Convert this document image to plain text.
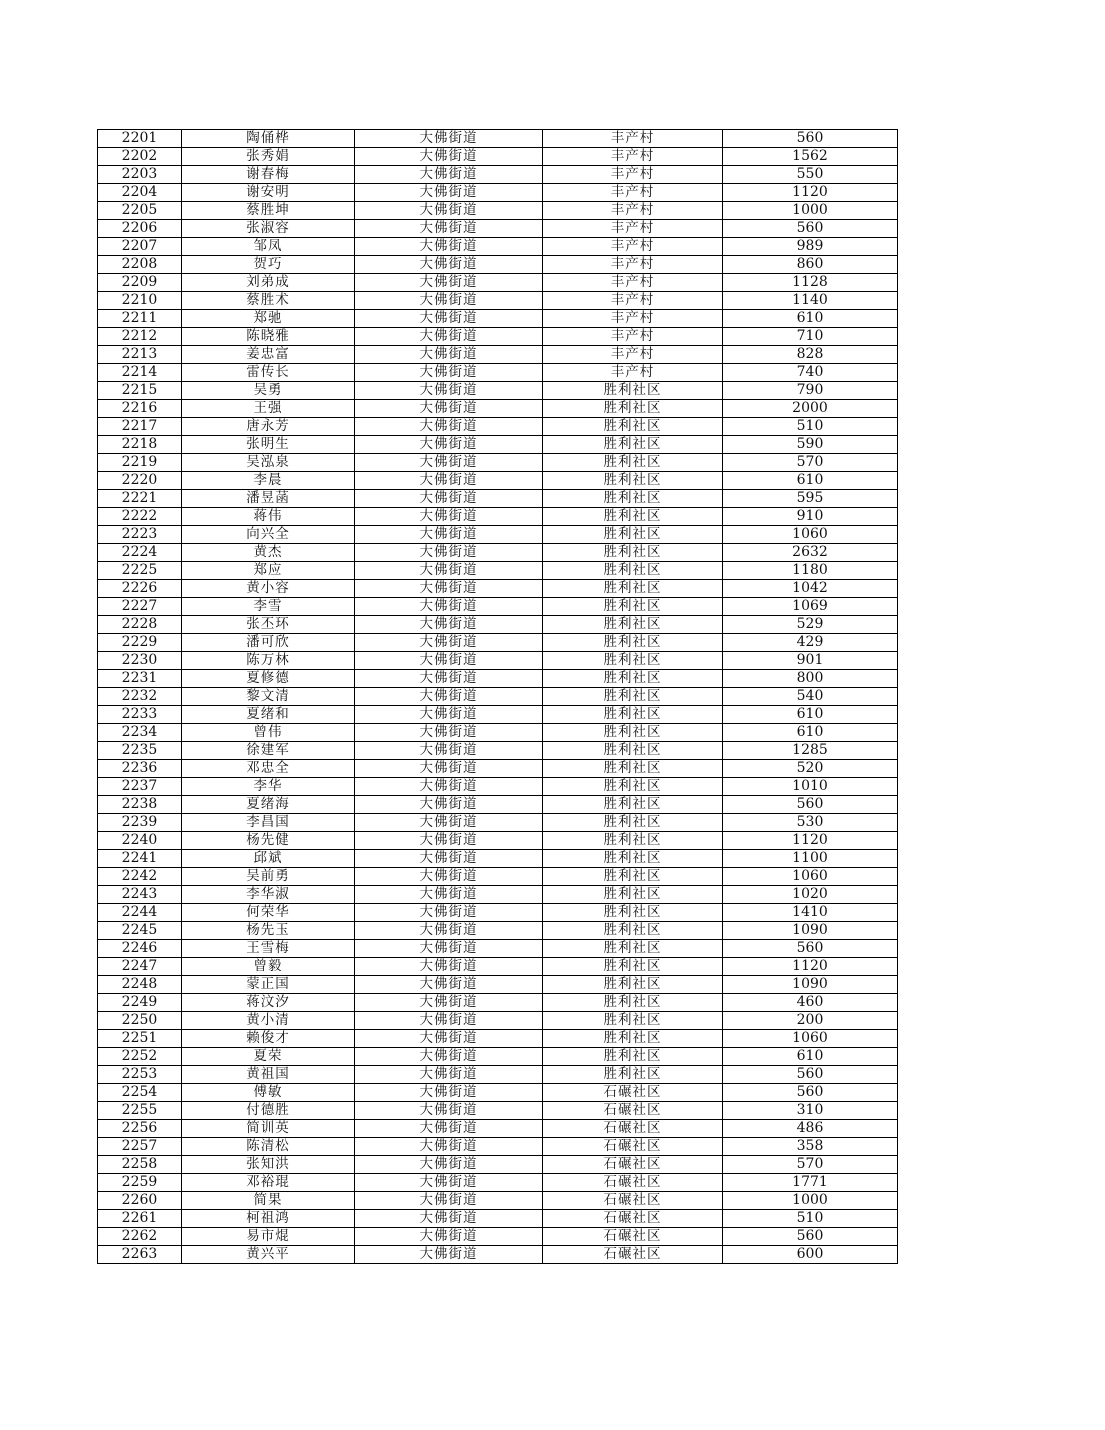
2201	陶俑桦	大佛街道	丰产村	560
2202	张秀娟	大佛街道	丰产村	1562
2203	谢春梅	大佛街道	丰产村	550
2204	谢安明	大佛街道	丰产村	1120
2205	蔡胜坤	大佛街道	丰产村	1000
2206	张淑容	大佛街道	丰产村	560
2207	邹凤	大佛街道	丰产村	989
2208	贺巧	大佛街道	丰产村	860
2209	刘弟成	大佛街道	丰产村	1128
2210	蔡胜术	大佛街道	丰产村	1140
2211	郑驰	大佛街道	丰产村	610
2212	陈晓雅	大佛街道	丰产村	710
2213	姜忠富	大佛街道	丰产村	828
2214	雷传长	大佛街道	丰产村	740
2215	吴勇	大佛街道	胜利社区	790
2216	王强	大佛街道	胜利社区	2000
2217	唐永芳	大佛街道	胜利社区	510
2218	张明生	大佛街道	胜利社区	590
2219	吴泓泉	大佛街道	胜利社区	570
2220	李晨	大佛街道	胜利社区	610
2221	潘昱菡	大佛街道	胜利社区	595
2222	蒋伟	大佛街道	胜利社区	910
2223	向兴全	大佛街道	胜利社区	1060
2224	黄杰	大佛街道	胜利社区	2632
2225	郑应	大佛街道	胜利社区	1180
2226	黄小容	大佛街道	胜利社区	1042
2227	李雪	大佛街道	胜利社区	1069
2228	张丕环	大佛街道	胜利社区	529
2229	潘可欣	大佛街道	胜利社区	429
2230	陈万林	大佛街道	胜利社区	901
2231	夏修德	大佛街道	胜利社区	800
2232	黎文清	大佛街道	胜利社区	540
2233	夏绪和	大佛街道	胜利社区	610
2234	曾伟	大佛街道	胜利社区	610
2235	徐建军	大佛街道	胜利社区	1285
2236	邓忠全	大佛街道	胜利社区	520
2237	李华	大佛街道	胜利社区	1010
2238	夏绪海	大佛街道	胜利社区	560
2239	李昌国	大佛街道	胜利社区	530
2240	杨先健	大佛街道	胜利社区	1120
2241	邱斌	大佛街道	胜利社区	1100
2242	吴前勇	大佛街道	胜利社区	1060
2243	李华淑	大佛街道	胜利社区	1020
2244	何荣华	大佛街道	胜利社区	1410
2245	杨先玉	大佛街道	胜利社区	1090
2246	王雪梅	大佛街道	胜利社区	560
2247	曾毅	大佛街道	胜利社区	1120
2248	蒙正国	大佛街道	胜利社区	1090
2249	蒋汶汐	大佛街道	胜利社区	460
2250	黄小清	大佛街道	胜利社区	200
2251	赖俊才	大佛街道	胜利社区	1060
2252	夏荣	大佛街道	胜利社区	610
2253	黄祖国	大佛街道	胜利社区	560
2254	傅敏	大佛街道	石碾社区	560
2255	付德胜	大佛街道	石碾社区	310
2256	简训英	大佛街道	石碾社区	486
2257	陈清松	大佛街道	石碾社区	358
2258	张知洪	大佛街道	石碾社区	570
2259	邓裕琨	大佛街道	石碾社区	1771
2260	简果	大佛街道	石碾社区	1000
2261	柯祖鸿	大佛街道	石碾社区	510
2262	易市焜	大佛街道	石碾社区	560
2263	黄兴平	大佛街道	石碾社区	600
